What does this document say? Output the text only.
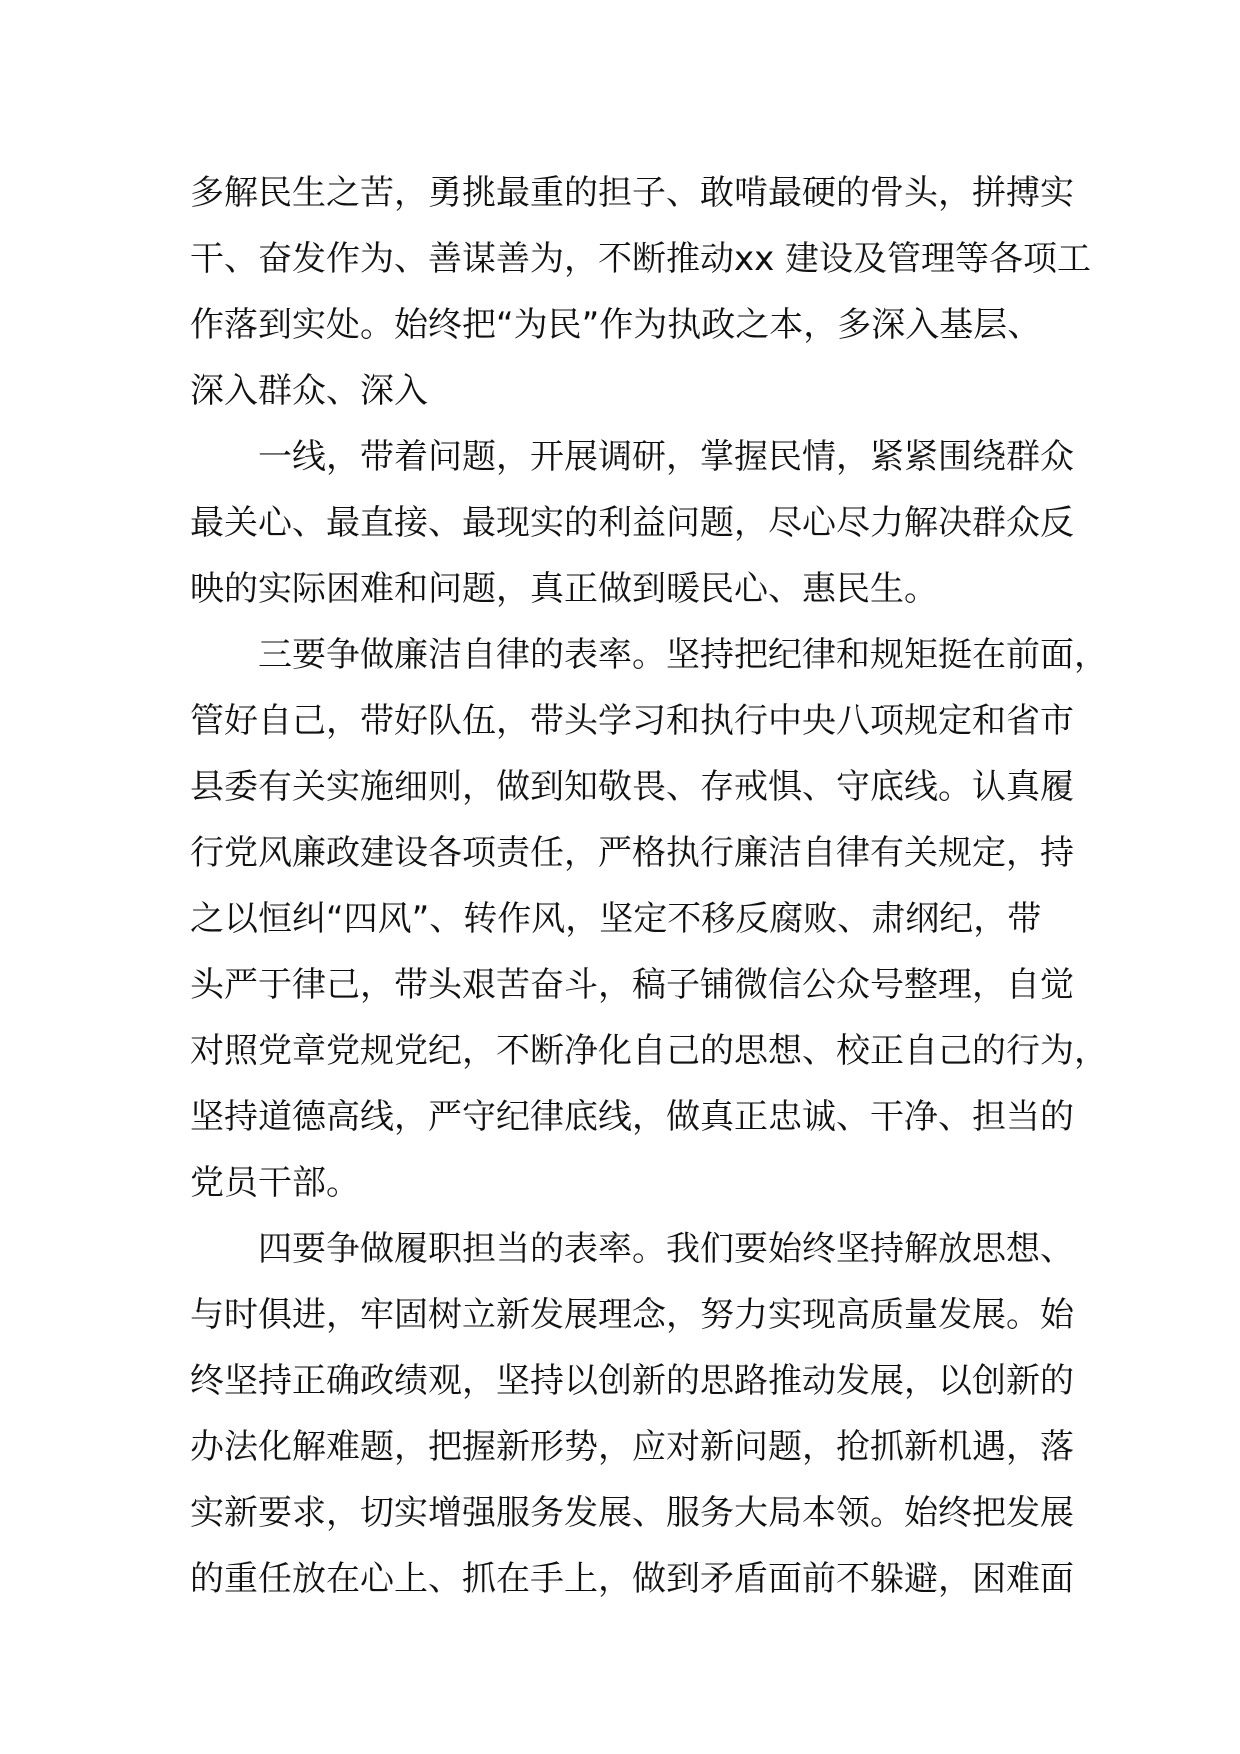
多解民生之苦，勇挑最重的担子、敢啃最硬的骨头，拼搏实
干、奋发作为、善谋善为，不断推动xx 建设及管理等各项工
作落到实处。始终把“为民”作为执政之本，多深入基层、
深入群众、深入
一线，带着问题，开展调研，掌握民情，紧紧围绕群众
最关心、最直接、最现实的利益问题，尽心尽力解决群众反
映的实际困难和问题，真正做到暖民心、惠民生。
三要争做廉洁自律的表率。坚持把纪律和规矩挺在前面，
管好自己，带好队伍，带头学习和执行中央八项规定和省市
县委有关实施细则，做到知敬畏、存戒惧、守底线。认真履
行党风廉政建设各项责任，严格执行廉洁自律有关规定，持
之以恒纠“四风”、转作风，坚定不移反腐败、肃纲纪，带
头严于律己，带头艰苦奋斗，稿子铺微信公众号整理，自觉
对照党章党规党纪，不断净化自己的思想、校正自己的行为，
坚持道德高线，严守纪律底线，做真正忠诚、干净、担当的
党员干部。
四要争做履职担当的表率。我们要始终坚持解放思想、
与时俱进，牢固树立新发展理念，努力实现高质量发展。始
终坚持正确政绩观，坚持以创新的思路推动发展，以创新的
办法化解难题，把握新形势，应对新问题，抢抓新机遇，落
实新要求，切实增强服务发展、服务大局本领。始终把发展
的重任放在心上、抓在手上，做到矛盾面前不躲避，困难面
